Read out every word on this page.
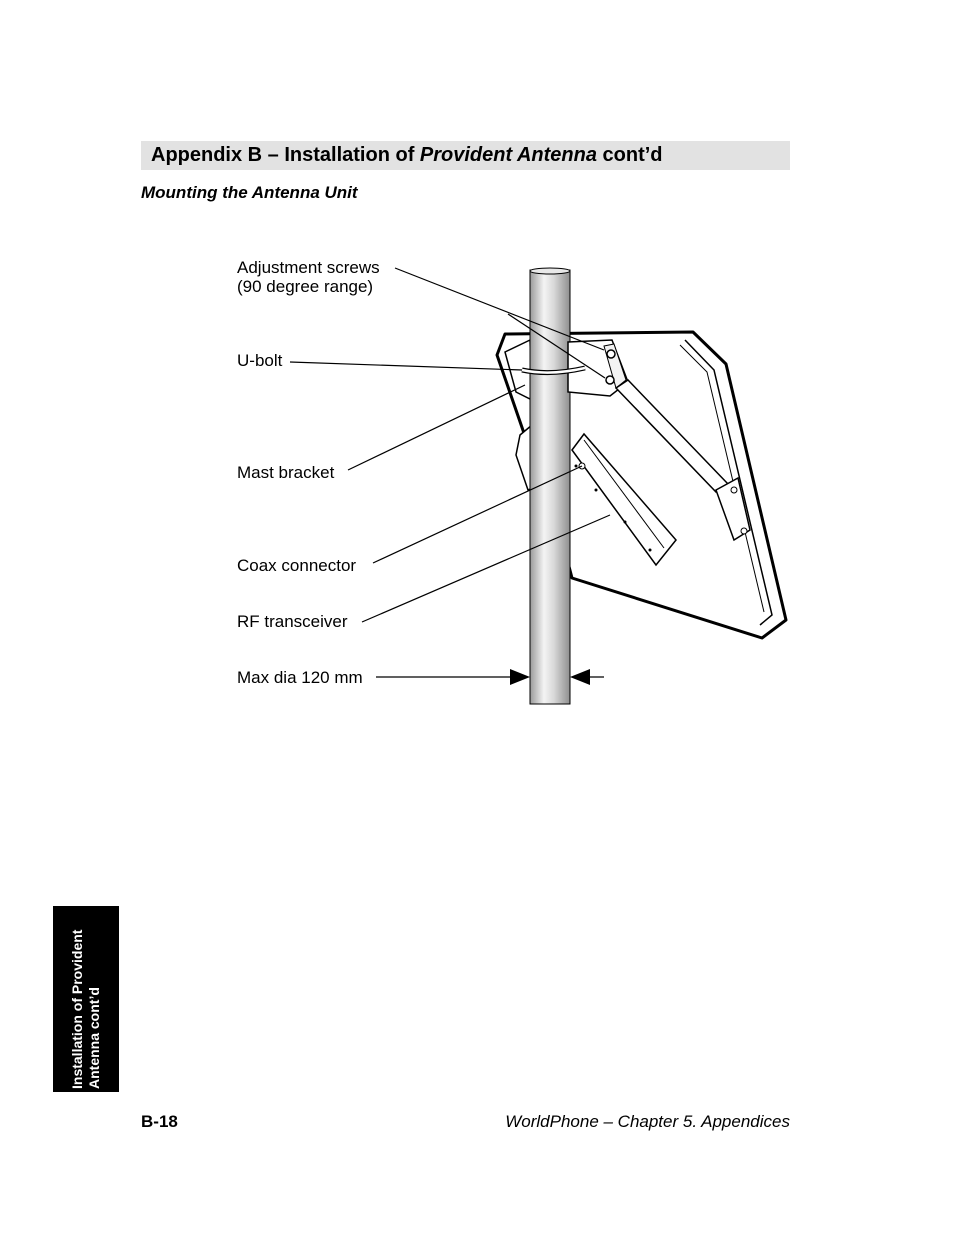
Appendix B – Installation of Provident Antenna cont’d
Mounting the Antenna Unit
Adjustment screws
(90 degree range)
U-bolt
Mast bracket
Coax connector
RF transceiver
Max dia 120 mm
Installation of Provident Antenna cont’d
B-18	WorldPhone – Chapter 5. Appendices
